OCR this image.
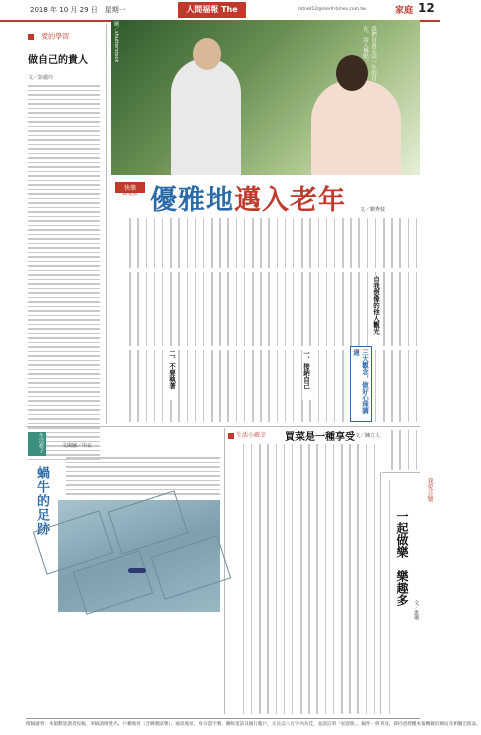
2018 年 10 月 29 日　星期一	人間福報 The	mtnet12@merit-times.com.tw	家庭 12
愛的學習
做自己的貴人
文／彭麗玲
圖／shutterstock	我們自會走向一生的自在、詩人傳唱。
快樂
銀髮族 優雅地邁入老年	文／劉秀枝
自我想像的他人觀光
三大觀念，做好心理調適
一、接納自己
二、不要執著
生活格子
蝸牛的足跡
文與圖／中玄
生活小確幸 買菜是一種享受 文／陳立人
我愛音樂
一起做樂　樂趣多
文／惠珊
徵稿啟事：本版歡迎讀者投稿，來稿請附姓名、戶籍地址（含郵遞區號）、通訊地址、身分證字號、聯絡電話及銀行帳戶，文長以八百字內為佳，並請註明「家庭版」。稿件一經刊登，即同意授權本報轉載於網站及相關出版品。
